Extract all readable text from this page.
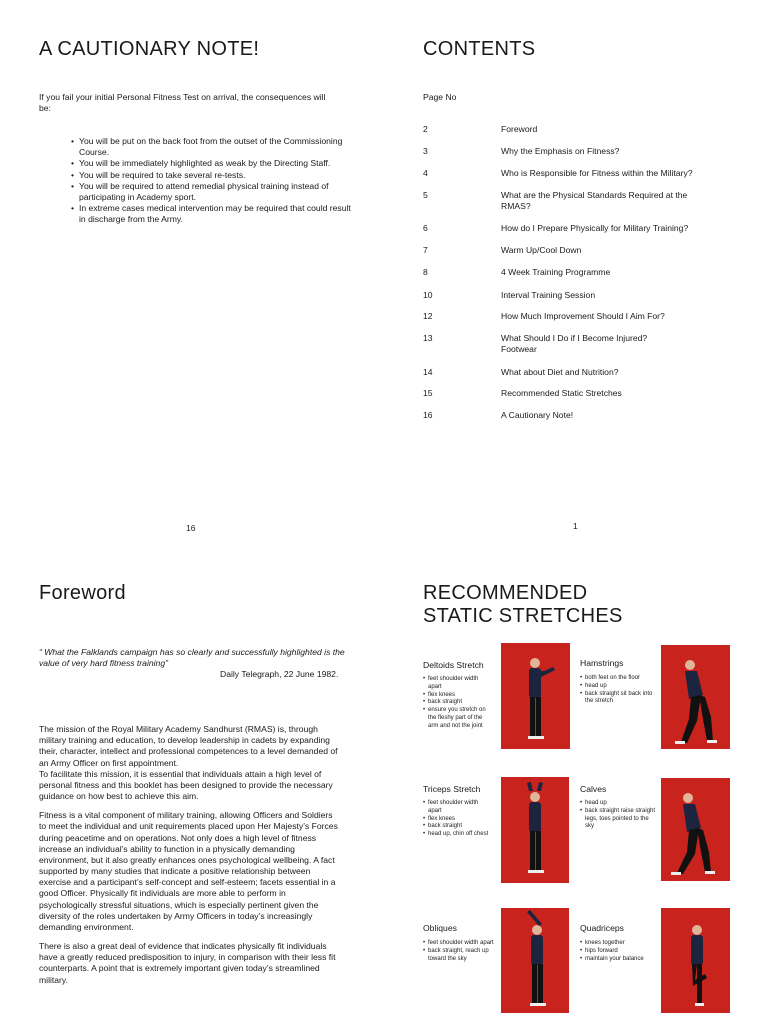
A CAUTIONARY NOTE!

If you fail your initial Personal Fitness Test on arrival, the consequences will be:

• You will be put on the back foot from the outset of the Commissioning Course.
• You will be immediately highlighted as weak by the Directing Staff.
• You will be required to take several re-tests.
• You will be required to attend remedial physical training instead of participating in Academy sport.
• In extreme cases medical intervention may be required that could result in discharge from the Army.
16
CONTENTS
Page No
2	Foreword
3	Why the Emphasis on Fitness?
4	Who is Responsible for Fitness within the Military?
5	What are the Physical Standards Required at the RMAS?
6	How do I Prepare Physically for Military Training?
7	Warm Up/Cool Down
8	4 Week Training Programme
10	Interval Training Session
12	How Much Improvement Should I Aim For?
13	What Should I Do if I Become Injured? Footwear
14	What about Diet and Nutrition?
15	Recommended Static Stretches
16	A Cautionary Note!
1
Foreword

“ What the Falklands campaign has so clearly and successfully highlighted is the value of very hard fitness training”

Daily Telegraph, 22 June 1982.

The mission of the Royal Military Academy Sandhurst (RMAS) is, through military training and education, to develop leadership in cadets by expanding their, character, intellect and professional competences to a level demanded of an Army Officer on first appointment.

To facilitate this mission, it is essential that individuals attain a high level of personal fitness and this booklet has been designed to provide the necessary guidance on how best to achieve this aim.

Fitness is a vital component of military training, allowing Officers and Soldiers to meet the individual and unit requirements placed upon Her Majesty’s Forces during peacetime and on operations. Not only does a high level of fitness increase an individual’s ability to function in a physically demanding environment, but it also greatly enhances ones psychological wellbeing. A fact supported by many studies that indicate a positive relationship between exercise and a participant’s self-concept and self-esteem; facets essential in a good Officer. Physically fit individuals are more able to perform in psychologically stressful situations, which is especially pertinent given the diversity of the roles undertaken by Army Officers in today’s increasingly demanding environment.

There is also a great deal of evidence that indicates physically fit individuals have a greatly reduced predisposition to injury, in comparison with their less fit counterparts. A point that is extremely important given today’s streamlined military.

RECOMMENDED
STATIC STRETCHES
Deltoids Stretch
• feet shoulder width apart
• flex knees
• back straight
• ensure you stretch on the fleshy part of the arm and not the joint
Hamstrings
• both feet on the floor
• head up
• back straight sit back into the stretch
Triceps Stretch
• feet shoulder width apart
• flex knees
• back straight
• head up, chin off chest
Calves
• head up
• back straight raise straight legs, toes pointed to the sky
Obliques
• feet shoulder width apart
• back straight, reach up toward the sky
Quadriceps
• knees together
• hips forward
• maintain your balance
